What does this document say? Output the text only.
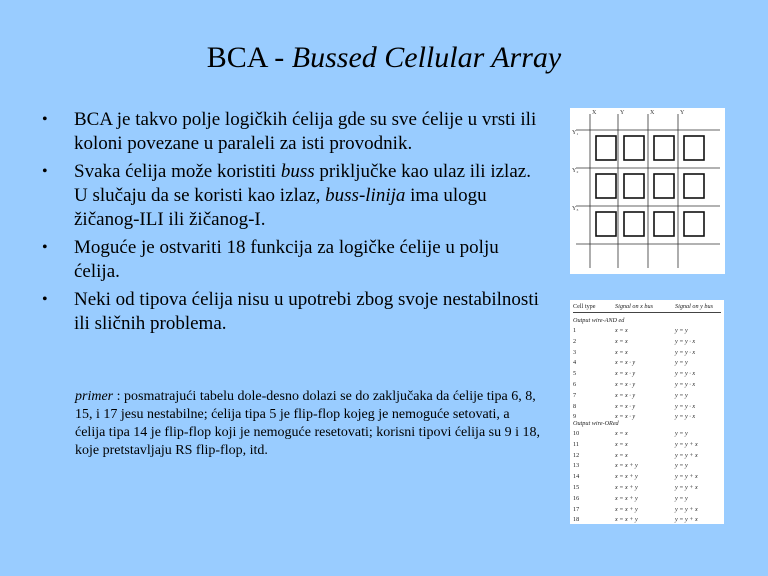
BCA - Bussed Cellular Array
• BCA je takvo polje logičkih ćelija gde su sve ćelije u vrsti ili koloni povezane u paraleli za isti provodnik.
• Svaka ćelija može koristiti buss priključke kao ulaz ili izlaz. U slučaju da se koristi kao izlaz, buss-linija ima ulogu žičanog-ILI ili žičanog-I.
• Moguće je ostvariti 18 funkcija za logičke ćelije u polju ćelija.
• Neki od tipova ćelija nisu u upotrebi zbog svoje nestabilnosti ili sličnih problema.
primer : posmatrajući tabelu dole-desno dolazi se do zaključaka da ćelije tipa 6, 8, 15, i 17 jesu nestabilne; ćelija tipa 5 je flip-flop kojeg je nemoguće setovati, a ćelija tipa 14 je flip-flop koji je nemoguće resetovati; korisni tipovi ćelija su 9 i 18, koje pretstavljaju RS flip-flop, itd.
Y₁
Y₂
Y₃
X	Y	X	Y
Cell type	Signal on x bus	Signal on y bus
Output wire-AND ed
Output wire-ORed
1	x = x	y = y
2	x = x	y = y · x
3	x = x	y = y · x
4	x = x · y	y = y
5	x = x · y	y = y · x
6	x = x · y	y = y · x
7	x = x · y	y = y
8	x = x · y	y = y · x
9	x = x · y	y = y · x
10	x = x	y = y
11	x = x	y = y + x
12	x = x	y = y + x
13	x = x + y	y = y
14	x = x + y	y = y + x
15	x = x + y	y = y + x
16	x = x + y	y = y
17	x = x + y	y = y + x
18	x = x + y	y = y + x
